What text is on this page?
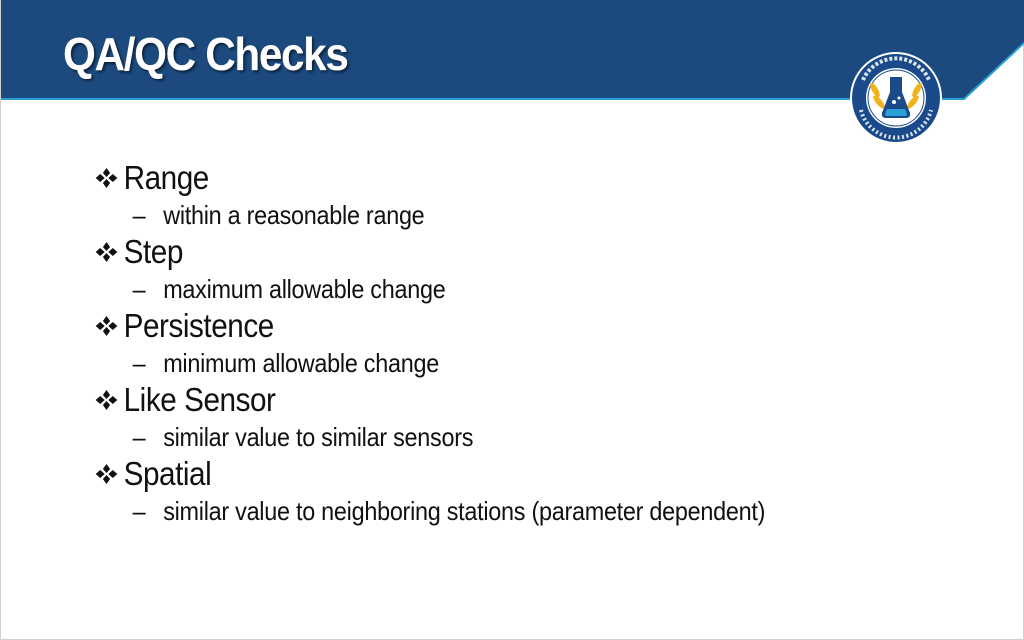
QA/QC Checks
Range
– within a reasonable range
Step
– maximum allowable change
Persistence
– minimum allowable change
Like Sensor
– similar value to similar sensors
Spatial
– similar value to neighboring stations (parameter dependent)
